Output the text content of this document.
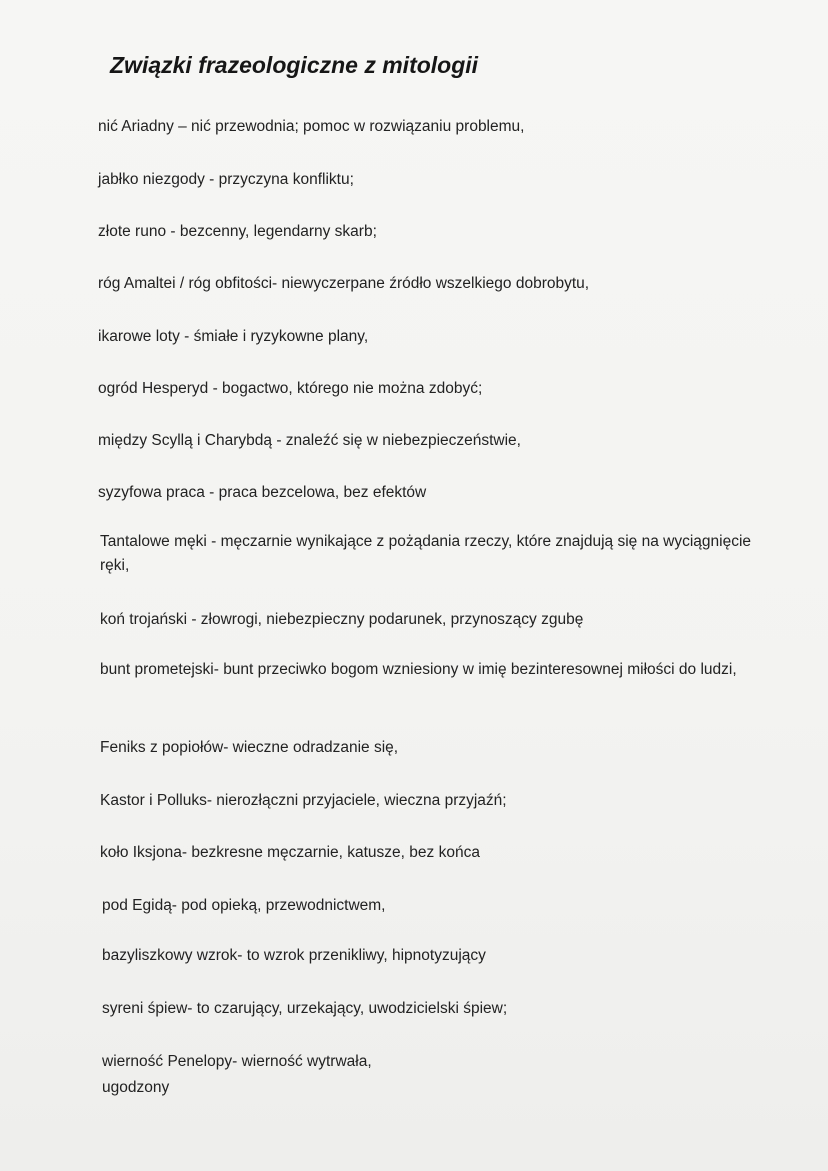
Związki frazeologiczne z mitologii

nić Ariadny – nić przewodnia; pomoc w rozwiązaniu problemu,

jabłko niezgody - przyczyna konfliktu;

złote runo - bezcenny, legendarny skarb;

róg Amaltei / róg obfitości- niewyczerpane źródło wszelkiego dobrobytu,

ikarowe loty - śmiałe i ryzykowne plany,

ogród Hesperyd - bogactwo, którego nie można zdobyć;

między Scyllą i Charybdą - znaleźć się w niebezpieczeństwie,

syzyfowa praca - praca bezcelowa, bez efektów

Tantalowe męki - męczarnie wynikające z pożądania rzeczy, które znajdują się na wyciągnięcie ręki,

koń trojański - złowrogi, niebezpieczny podarunek, przynoszący zgubę

bunt prometejski- bunt przeciwko bogom wzniesiony w imię bezinteresownej miłości do ludzi,

Feniks z popiołów- wieczne odradzanie się,

Kastor i Polluks- nierozłączni przyjaciele, wieczna przyjaźń;

koło Iksjona- bezkresne męczarnie, katusze, bez końca

pod Egidą- pod opieką, przewodnictwem,

bazyliszkowy wzrok- to wzrok przenikliwy, hipnotyzujący

syreni śpiew- to czarujący, urzekający, uwodzicielski śpiew;

wierność Penelopy- wierność wytrwała,

ugodzony
